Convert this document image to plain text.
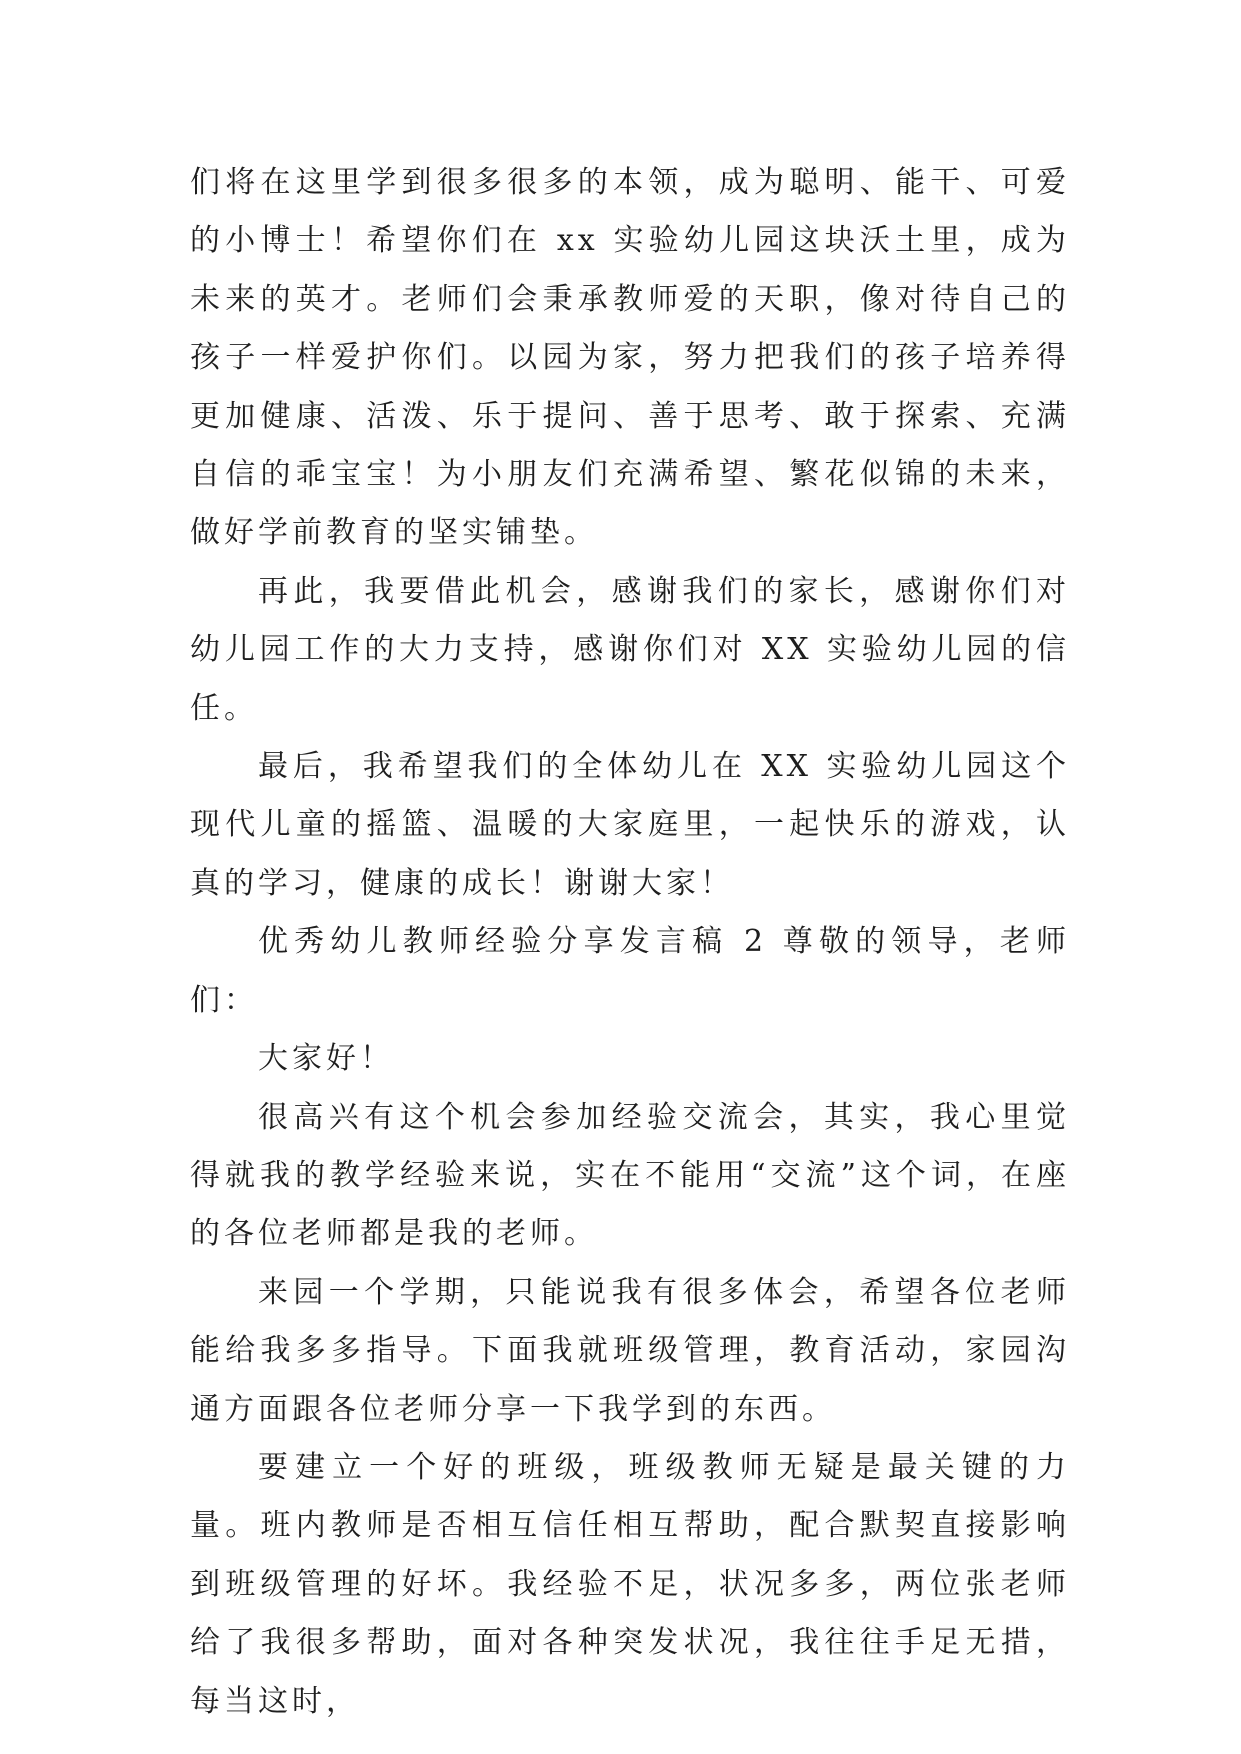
们将在这里学到很多很多的本领，成为聪明、能干、可爱的小博士！希望你们在 xx 实验幼儿园这块沃土里，成为未来的英才。老师们会秉承教师爱的天职，像对待自己的孩子一样爱护你们。以园为家，努力把我们的孩子培养得更加健康、活泼、乐于提问、善于思考、敢于探索、充满自信的乖宝宝！为小朋友们充满希望、繁花似锦的未来，做好学前教育的坚实铺垫。

再此，我要借此机会，感谢我们的家长，感谢你们对幼儿园工作的大力支持，感谢你们对 XX 实验幼儿园的信任。

最后，我希望我们的全体幼儿在 XX 实验幼儿园这个现代儿童的摇篮、温暖的大家庭里，一起快乐的游戏，认真的学习，健康的成长！谢谢大家！

优秀幼儿教师经验分享发言稿 2 尊敬的领导，老师们：

大家好！

很高兴有这个机会参加经验交流会，其实，我心里觉得就我的教学经验来说，实在不能用“交流”这个词，在座的各位老师都是我的老师。

来园一个学期，只能说我有很多体会，希望各位老师能给我多多指导。下面我就班级管理，教育活动，家园沟通方面跟各位老师分享一下我学到的东西。

要建立一个好的班级，班级教师无疑是最关键的力量。班内教师是否相互信任相互帮助，配合默契直接影响到班级管理的好坏。我经验不足，状况多多，两位张老师给了我很多帮助，面对各种突发状况，我往往手足无措，每当这时，
